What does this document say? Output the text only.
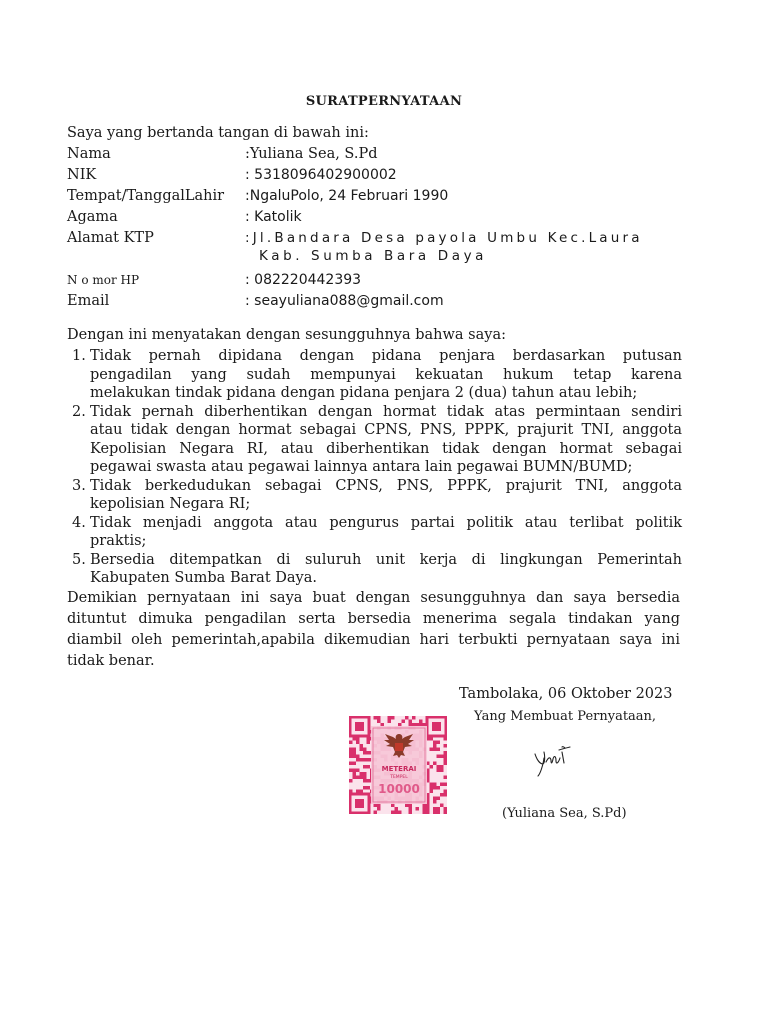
SURATPERNYATAAN
Saya yang bertanda tangan di bawah ini:
Nama	:Yuliana Sea, S.Pd
NIK	: 5318096402900002
Tempat/TanggalLahir :NgaluPolo, 24 Februari 1990
Agama	: Katolik
Alamat KTP	:Jl.Bandara Desa payola Umbu Kec.Laura
Kab. Sumba Bara Daya
N o mor HP	: 082220442393
Email	: seayuliana088@gmail.com
Dengan ini menyatakan dengan sesungguhnya bahwa saya:
1. Tidak pernah dipidana dengan pidana penjara berdasarkan putusan
pengadilan yang sudah mempunyai kekuatan hukum tetap karena
melakukan tindak pidana dengan pidana penjara 2 (dua) tahun atau lebih;
2. Tidak pernah diberhentikan dengan hormat tidak atas permintaan sendiri
atau tidak dengan hormat sebagai CPNS, PNS, PPPK, prajurit TNI, anggota
Kepolisian Negara RI, atau diberhentikan tidak dengan hormat sebagai
pegawai swasta atau pegawai lainnya antara lain pegawai BUMN/BUMD;
3. Tidak berkedudukan sebagai CPNS, PNS, PPPK, prajurit TNI, anggota
kepolisian Negara RI;
4. Tidak menjadi anggota atau pengurus partai politik atau terlibat politik
praktis;
5. Bersedia ditempatkan di suluruh unit kerja di lingkungan Pemerintah
Kabupaten Sumba Barat Daya.
Demikian pernyataan ini saya buat dengan sesungguhnya dan saya bersedia
dituntut dimuka pengadilan serta bersedia menerima segala tindakan yang
diambil oleh pemerintah,apabila dikemudian hari terbukti pernyataan saya ini
tidak benar.
Tambolaka, 06 Oktober 2023
Yang Membuat Pernyataan,
METERAI
TEMPEL
10000
(Yuliana Sea, S.Pd)
